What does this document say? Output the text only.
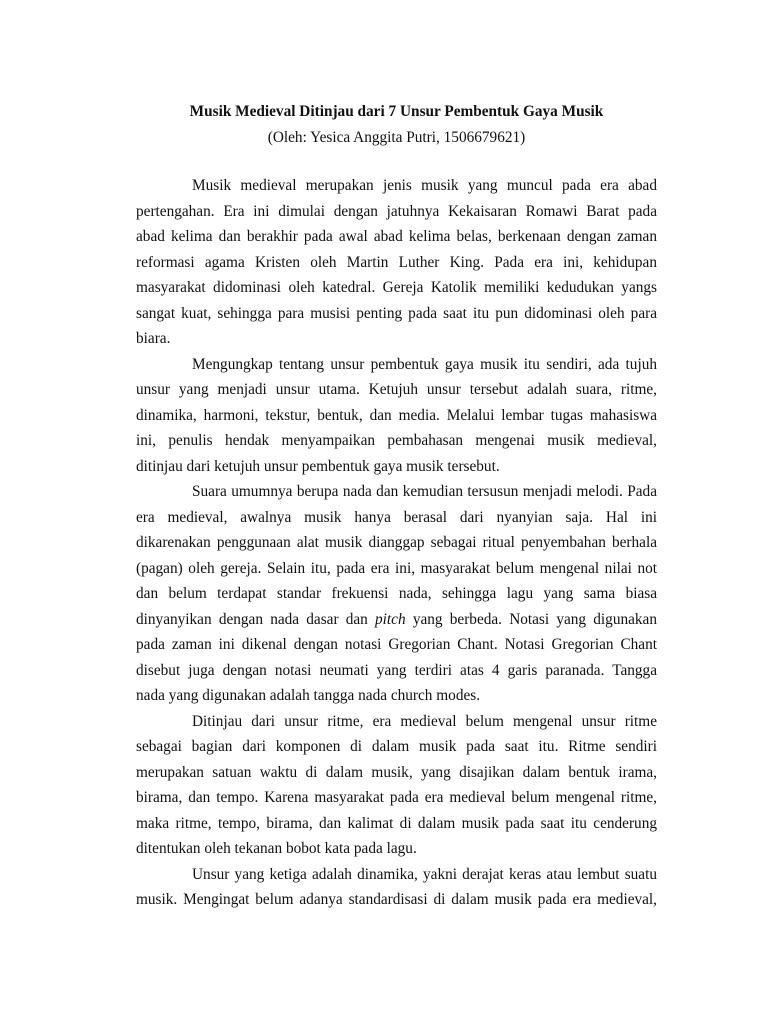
Musik Medieval Ditinjau dari 7 Unsur Pembentuk Gaya Musik

(Oleh: Yesica Anggita Putri, 1506679621)

Musik medieval merupakan jenis musik yang muncul pada era abad
pertengahan. Era ini dimulai dengan jatuhnya Kekaisaran Romawi Barat pada
abad kelima dan berakhir pada awal abad kelima belas, berkenaan dengan zaman
reformasi agama Kristen oleh Martin Luther King. Pada era ini, kehidupan
masyarakat didominasi oleh katedral. Gereja Katolik memiliki kedudukan yangs
sangat kuat, sehingga para musisi penting pada saat itu pun didominasi oleh para
biara.
Mengungkap tentang unsur pembentuk gaya musik itu sendiri, ada tujuh
unsur yang menjadi unsur utama. Ketujuh unsur tersebut adalah suara, ritme,
dinamika, harmoni, tekstur, bentuk, dan media. Melalui lembar tugas mahasiswa
ini, penulis hendak menyampaikan pembahasan mengenai musik medieval,
ditinjau dari ketujuh unsur pembentuk gaya musik tersebut.
Suara umumnya berupa nada dan kemudian tersusun menjadi melodi. Pada
era medieval, awalnya musik hanya berasal dari nyanyian saja. Hal ini
dikarenakan penggunaan alat musik dianggap sebagai ritual penyembahan berhala
(pagan) oleh gereja. Selain itu, pada era ini, masyarakat belum mengenal nilai not
dan belum terdapat standar frekuensi nada, sehingga lagu yang sama biasa
dinyanyikan dengan nada dasar dan pitch yang berbeda. Notasi yang digunakan
pada zaman ini dikenal dengan notasi Gregorian Chant. Notasi Gregorian Chant
disebut juga dengan notasi neumati yang terdiri atas 4 garis paranada. Tangga
nada yang digunakan adalah tangga nada church modes.
Ditinjau dari unsur ritme, era medieval belum mengenal unsur ritme
sebagai bagian dari komponen di dalam musik pada saat itu. Ritme sendiri
merupakan satuan waktu di dalam musik, yang disajikan dalam bentuk irama,
birama, dan tempo. Karena masyarakat pada era medieval belum mengenal ritme,
maka ritme, tempo, birama, dan kalimat di dalam musik pada saat itu cenderung
ditentukan oleh tekanan bobot kata pada lagu.
Unsur yang ketiga adalah dinamika, yakni derajat keras atau lembut suatu
musik. Mengingat belum adanya standardisasi di dalam musik pada era medieval,
